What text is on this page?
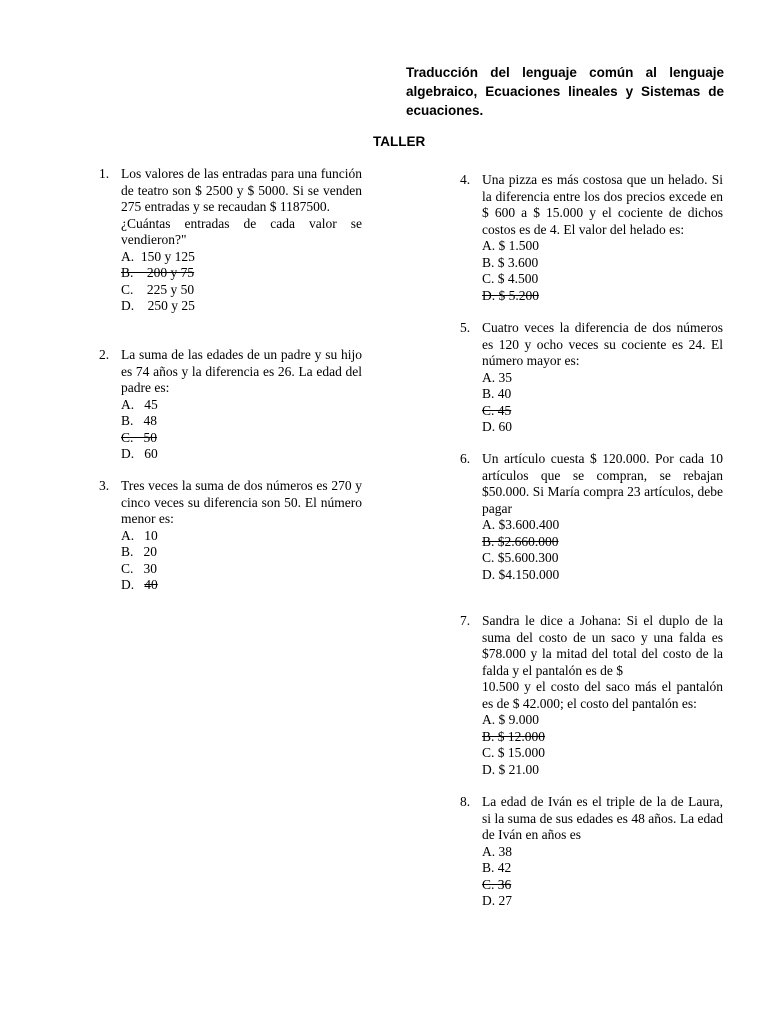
Traducción del lenguaje común al lenguaje algebraico, Ecuaciones lineales y Sistemas de ecuaciones.
TALLER
1. Los valores de las entradas para una función de teatro son $ 2500 y $ 5000. Si se venden 275 entradas y se recaudan $ 1187500.
¿Cuántas entradas de cada valor se vendieron?"
A.  150 y 125
B.    200 y 75
C.    225 y 50
D.    250 y 25
2. La suma de las edades de un padre y su hijo es 74 años y la diferencia es 26. La edad del padre es:
A.   45
B.   48
C.   50
D.   60
3. Tres veces la suma de dos números es 270 y cinco veces su diferencia son 50. El número menor es:
A.   10
B.   20
C.   30
D.   40
4. Una pizza es más costosa que un helado. Si la diferencia entre los dos precios excede en $ 600 a $ 15.000 y el cociente de dichos costos es de 4. El valor del helado es:
A. $ 1.500
B. $ 3.600
C. $ 4.500
D. $ 5.200
5. Cuatro veces la diferencia de dos números es 120 y ocho veces su cociente es 24. El número mayor es:
A. 35
B. 40
C. 45
D. 60
6. Un artículo cuesta $ 120.000. Por cada 10 artículos que se compran, se rebajan $50.000. Si María compra 23 artículos, debe pagar
A. $3.600.400
B. $2.660.000
C. $5.600.300
D. $4.150.000
7. Sandra le dice a Johana: Si el duplo de la suma del costo de un saco y una falda es $78.000 y la mitad del total del costo de la falda y el pantalón es de $
10.500 y el costo del saco más el pantalón es de $ 42.000; el costo del pantalón es:
A. $ 9.000
B. $ 12.000
C. $ 15.000
D. $ 21.00
8. La edad de Iván es el triple de la de Laura, si la suma de sus edades es 48 años. La edad de Iván en años es
A. 38
B. 42
C. 36
D. 27
